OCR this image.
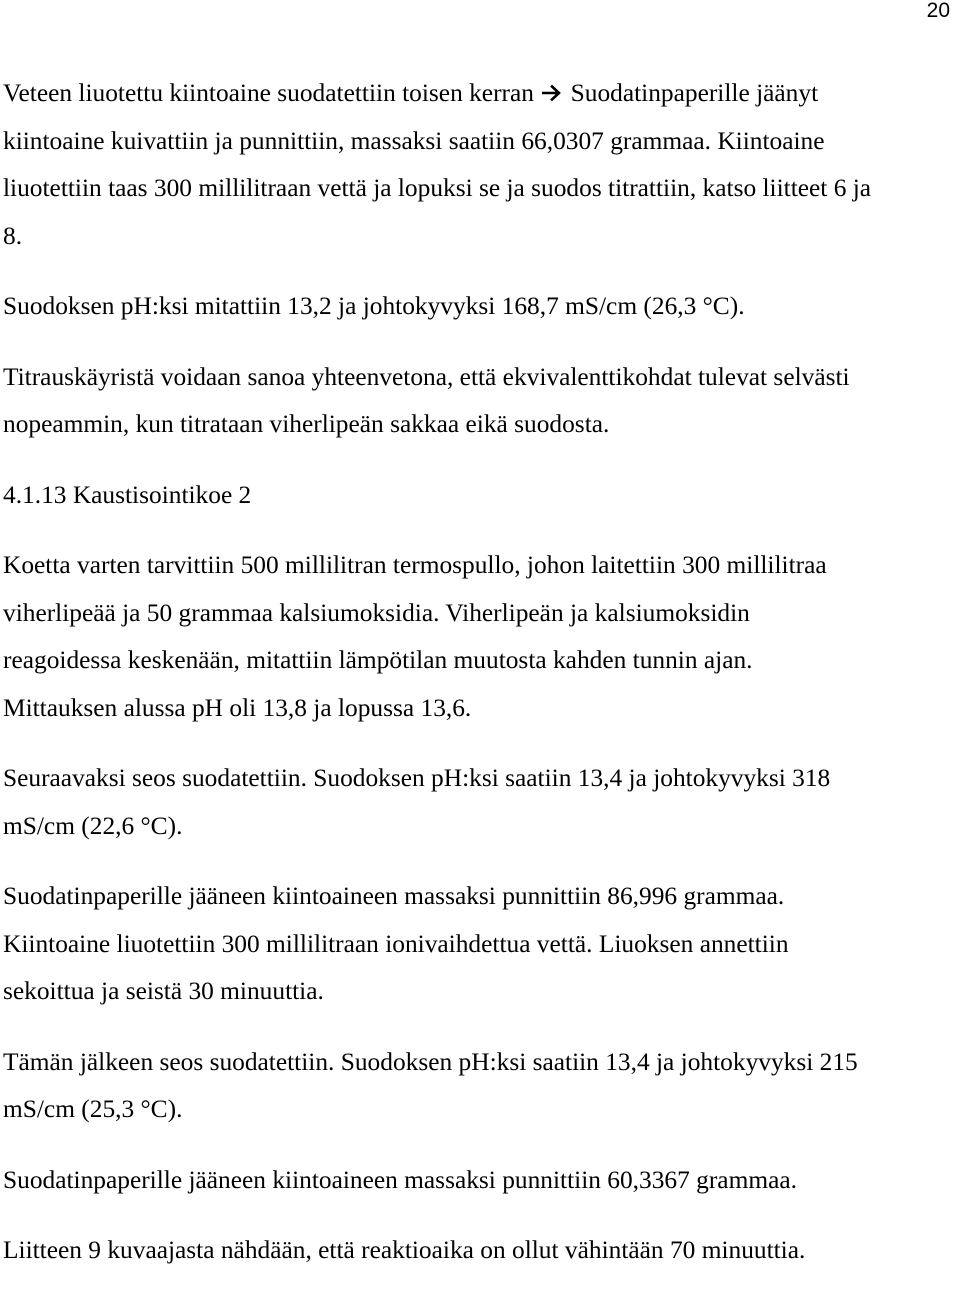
20

Veteen liuotettu kiintoaine suodatettiin toisen kerran  Suodatinpaperille jäänyt
kiintoaine kuivattiin ja punnittiin, massaksi saatiin 66,0307 grammaa. Kiintoaine
liuotettiin taas 300 millilitraan vettä ja lopuksi se ja suodos titrattiin, katso liitteet 6 ja
8.

Suodoksen pH:ksi mitattiin 13,2 ja johtokyvyksi 168,7 mS/cm (26,3 °C).

Titrauskäyristä voidaan sanoa yhteenvetona, että ekvivalenttikohdat tulevat selvästi
nopeammin, kun titrataan viherlipeän sakkaa eikä suodosta.

4.1.13 Kaustisointikoe 2

Koetta varten tarvittiin 500 millilitran termospullo, johon laitettiin 300 millilitraa
viherlipeää ja 50 grammaa kalsiumoksidia. Viherlipeän ja kalsiumoksidin
reagoidessa keskenään, mitattiin lämpötilan muutosta kahden tunnin ajan.
Mittauksen alussa pH oli 13,8 ja lopussa 13,6.

Seuraavaksi seos suodatettiin. Suodoksen pH:ksi saatiin 13,4 ja johtokyvyksi 318
mS/cm (22,6 °C).

Suodatinpaperille jääneen kiintoaineen massaksi punnittiin 86,996 grammaa.
Kiintoaine liuotettiin 300 millilitraan ionivaihdettua vettä. Liuoksen annettiin
sekoittua ja seistä 30 minuuttia.

Tämän jälkeen seos suodatettiin. Suodoksen pH:ksi saatiin 13,4 ja johtokyvyksi 215
mS/cm (25,3 °C).

Suodatinpaperille jääneen kiintoaineen massaksi punnittiin 60,3367 grammaa.

Liitteen 9 kuvaajasta nähdään, että reaktioaika on ollut vähintään 70 minuuttia.
